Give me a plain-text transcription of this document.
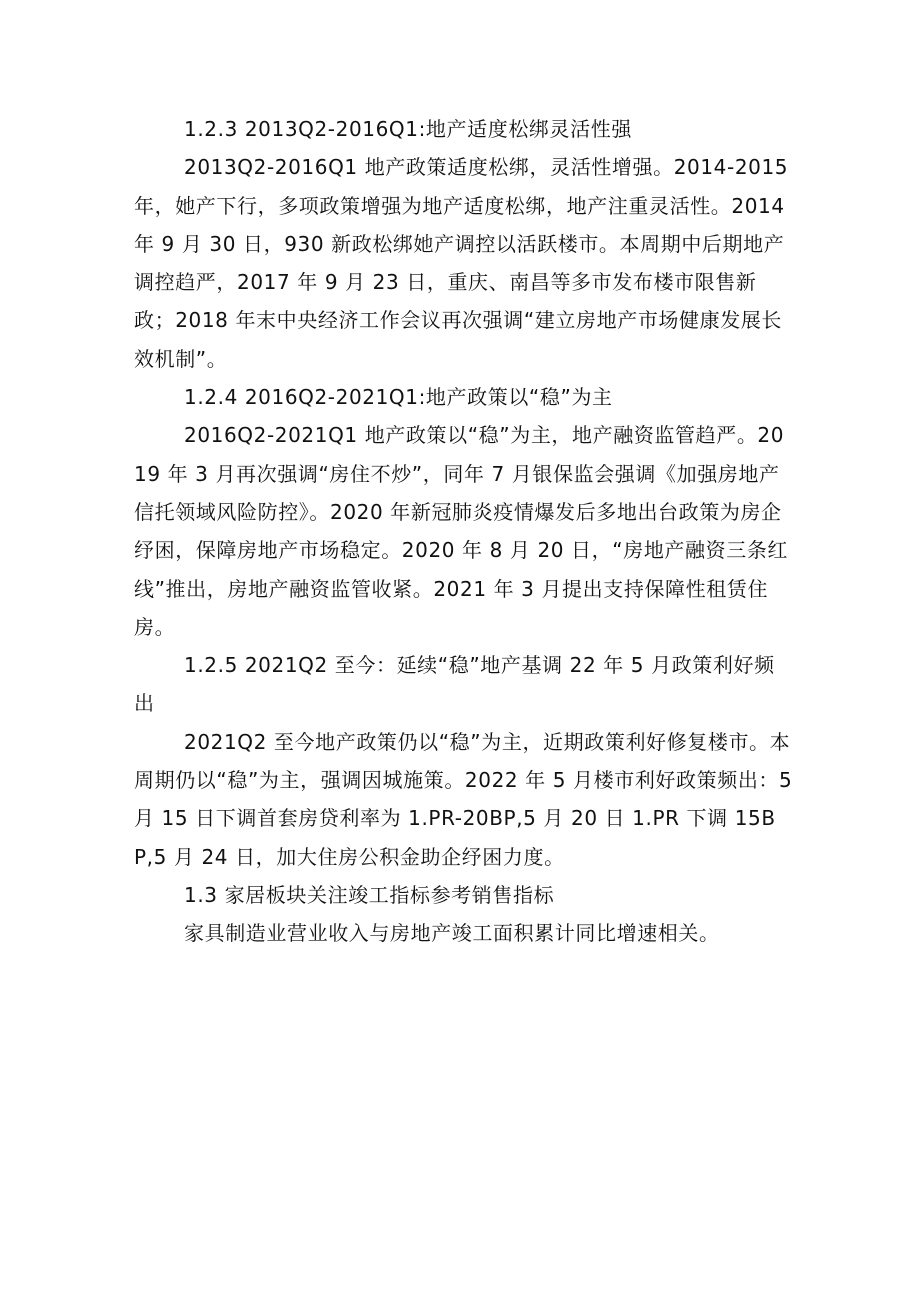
1.2.3 2013Q2-2016Q1:地产适度松绑灵活性强

2013Q2-2016Q1 地产政策适度松绑，灵活性增强。2014-2015 年，她产下行，多项政策增强为地产适度松绑，地产注重灵活性。2014 年 9 月 30 日，930 新政松绑她产调控以活跃楼市。本周期中后期地产调控趋严，2017 年 9 月 23 日，重庆、南昌等多市发布楼市限售新政；2018 年末中央经济工作会议再次强调“建立房地产市场健康发展长效机制”。

1.2.4 2016Q2-2021Q1:地产政策以“稳”为主

2016Q2-2021Q1 地产政策以“稳”为主，地产融资监管趋严。2019 年 3 月再次强调“房住不炒”，同年 7 月银保监会强调《加强房地产信托领域风险防控》。2020 年新冠肺炎疫情爆发后多地出台政策为房企纾困，保障房地产市场稳定。2020 年 8 月 20 日，“房地产融资三条红线”推出，房地产融资监管收紧。2021 年 3 月提出支持保障性租赁住房。

1.2.5 2021Q2 至今：延续“稳”地产基调 22 年 5 月政策利好频出

2021Q2 至今地产政策仍以“稳”为主，近期政策利好修复楼市。本周期仍以“稳”为主，强调因城施策。2022 年 5 月楼市利好政策频出：5 月 15 日下调首套房贷利率为 1.PR-20BP,5 月 20 日 1.PR 下调 15BP,5 月 24 日，加大住房公积金助企纾困力度。

1.3 家居板块关注竣工指标参考销售指标

家具制造业营业收入与房地产竣工面积累计同比增速相关。
